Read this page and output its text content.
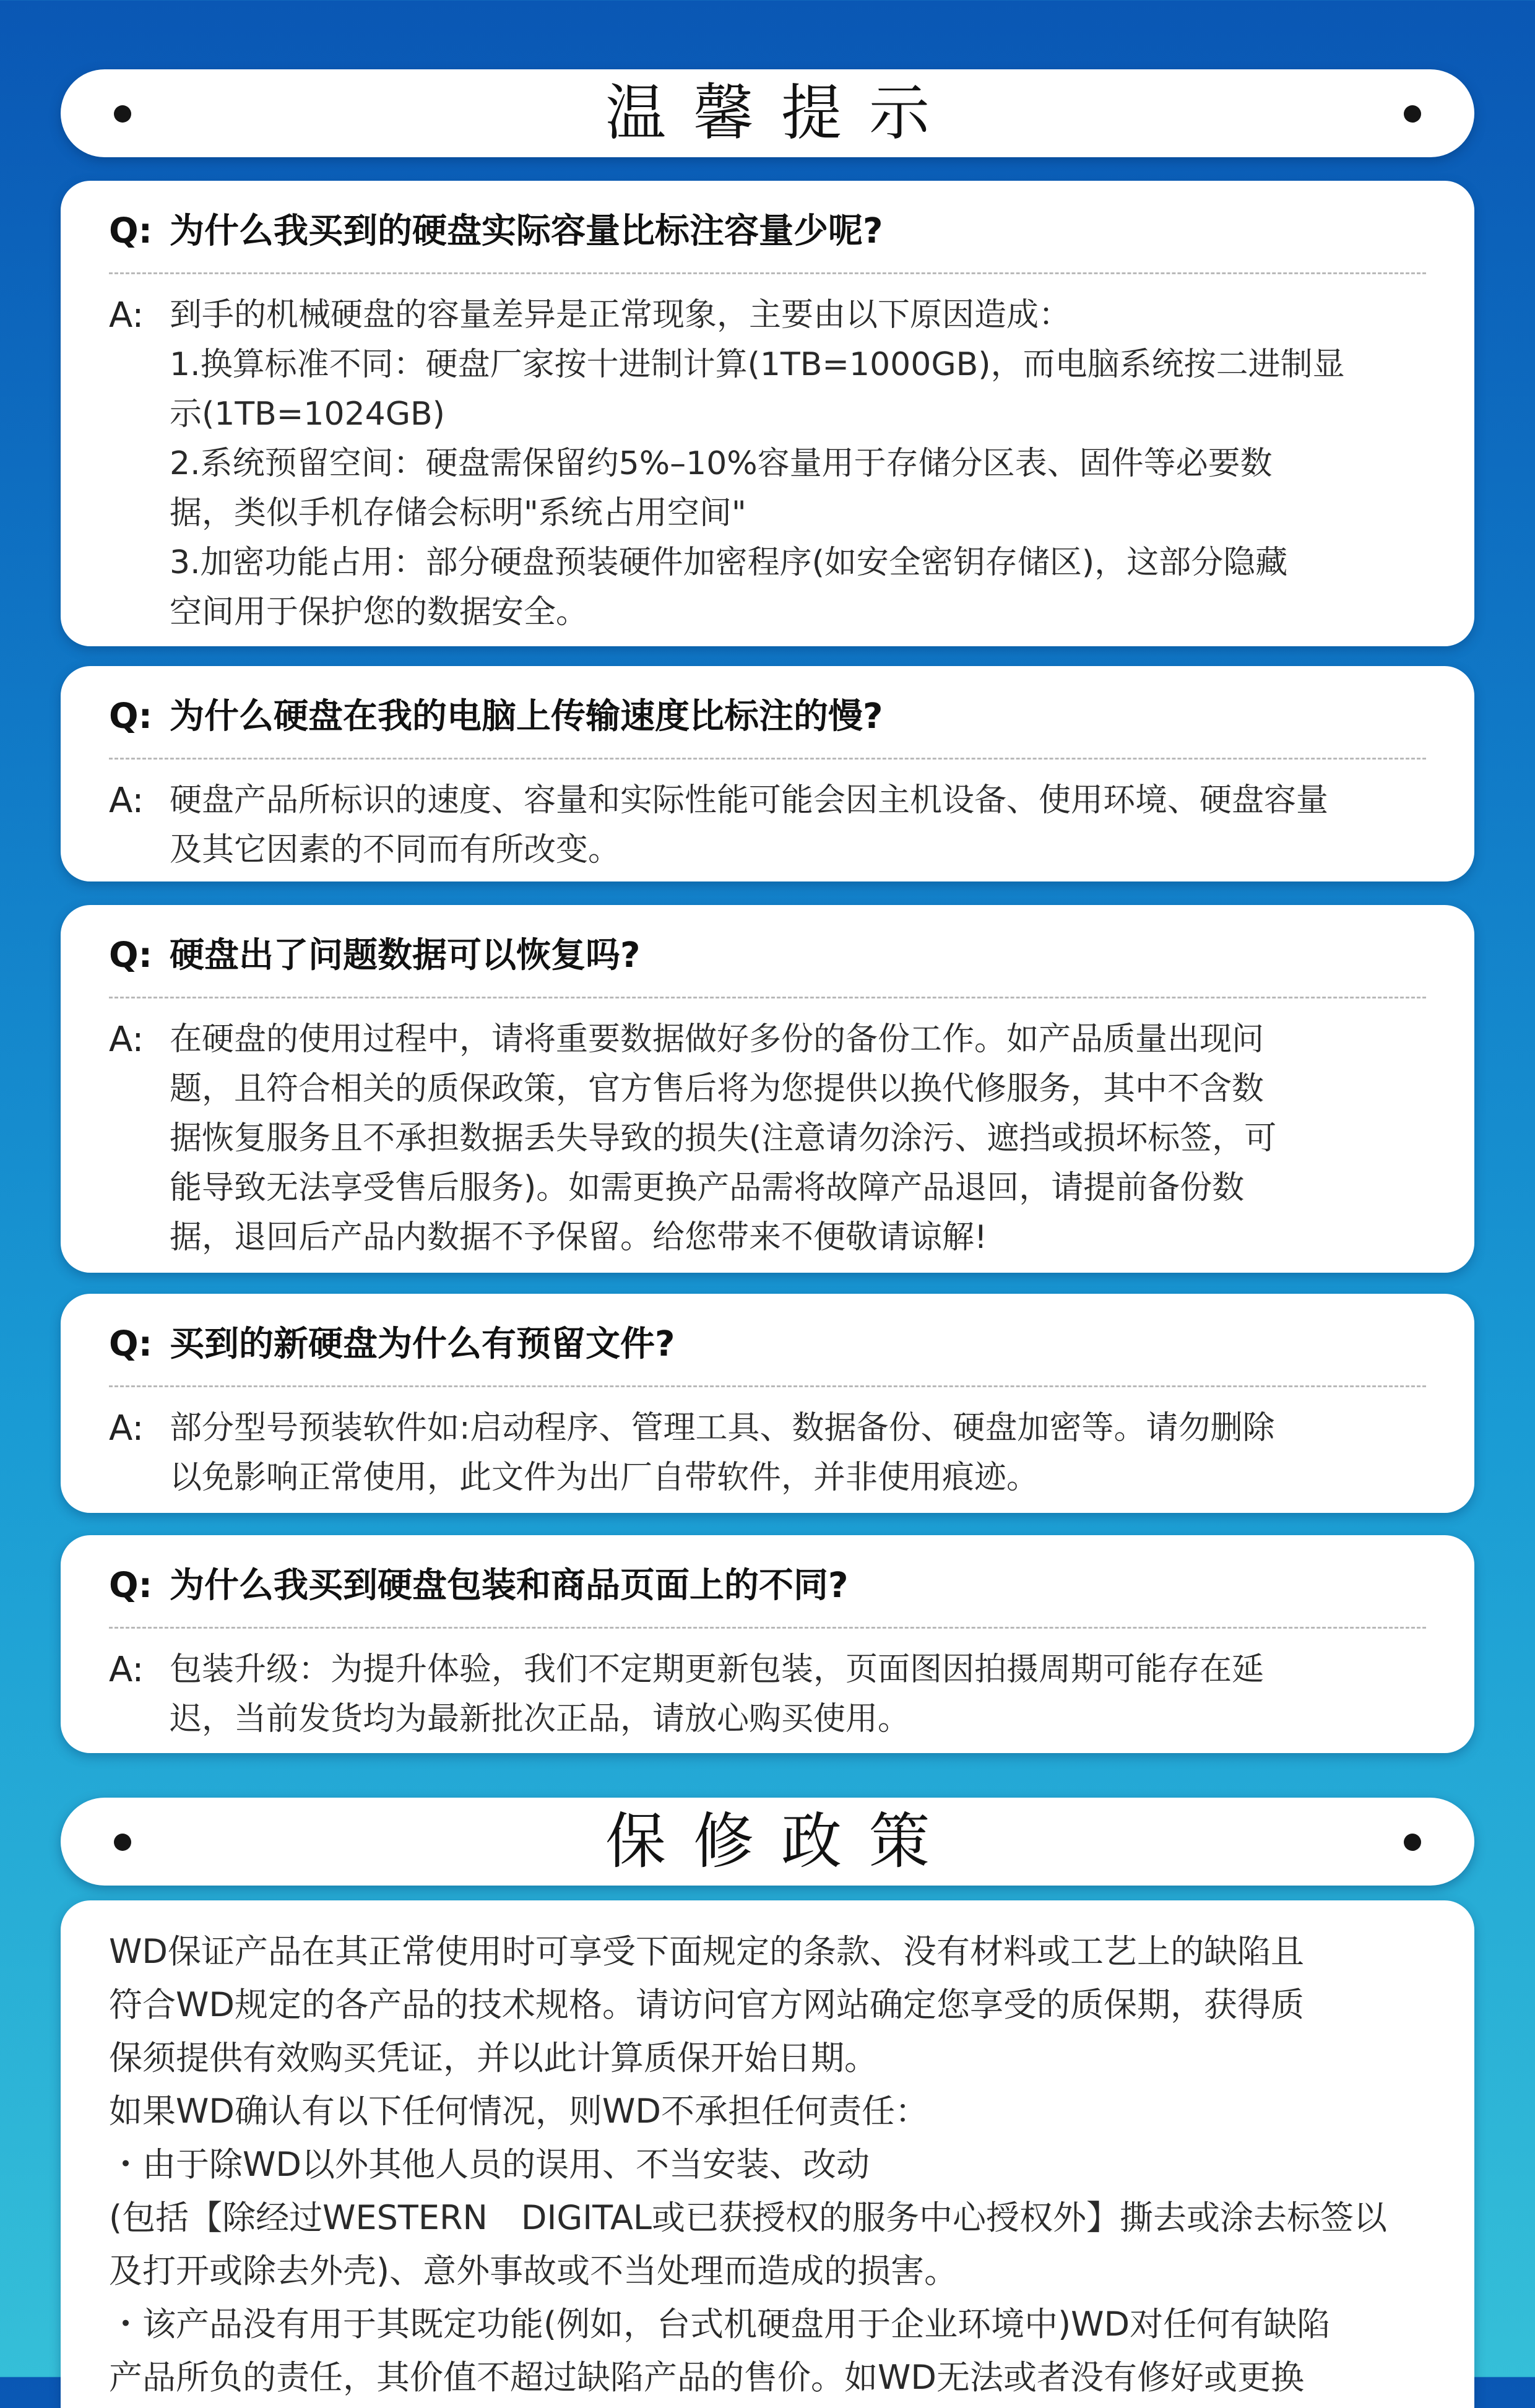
温馨提示
Q: 为什么我买到的硬盘实际容量比标注容量少呢?
A: 到手的机械硬盘的容量差异是正常现象，主要由以下原因造成：
1.换算标准不同：硬盘厂家按十进制计算(1TB=1000GB)，而电脑系统按二进制显
示(1TB=1024GB)
2.系统预留空间：硬盘需保留约5%–10%容量用于存储分区表、固件等必要数
据，类似手机存储会标明"系统占用空间"
3.加密功能占用：部分硬盘预装硬件加密程序(如安全密钥存储区)，这部分隐藏
空间用于保护您的数据安全。
Q: 为什么硬盘在我的电脑上传输速度比标注的慢?
A: 硬盘产品所标识的速度、容量和实际性能可能会因主机设备、使用环境、硬盘容量
及其它因素的不同而有所改变。
Q: 硬盘出了问题数据可以恢复吗?
A: 在硬盘的使用过程中，请将重要数据做好多份的备份工作。如产品质量出现问
题，且符合相关的质保政策，官方售后将为您提供以换代修服务，其中不含数
据恢复服务且不承担数据丢失导致的损失(注意请勿涂污、遮挡或损坏标签，可
能导致无法享受售后服务)。如需更换产品需将故障产品退回，请提前备份数
据，退回后产品内数据不予保留。给您带来不便敬请谅解!
Q: 买到的新硬盘为什么有预留文件?
A: 部分型号预装软件如:启动程序、管理工具、数据备份、硬盘加密等。请勿删除
以免影响正常使用，此文件为出厂自带软件，并非使用痕迹。
Q: 为什么我买到硬盘包装和商品页面上的不同?
A: 包装升级：为提升体验，我们不定期更新包装，页面图因拍摄周期可能存在延
迟，当前发货均为最新批次正品，请放心购买使用。
保修政策
WD保证产品在其正常使用时可享受下面规定的条款、没有材料或工艺上的缺陷且
符合WD规定的各产品的技术规格。请访问官方网站确定您享受的质保期，获得质
保须提供有效购买凭证，并以此计算质保开始日期。
如果WD确认有以下任何情况，则WD不承担任何责任：
・由于除WD以外其他人员的误用、不当安装、改动
(包括【除经过WESTERN　DIGITAL或已获授权的服务中心授权外】撕去或涂去标签以
及打开或除去外壳)、意外事故或不当处理而造成的损害。
・该产品没有用于其既定功能(例如，台式机硬盘用于企业环境中)WD对任何有缺陷
产品所负的责任，其价值不超过缺陷产品的售价。如WD无法或者没有修好或更换
